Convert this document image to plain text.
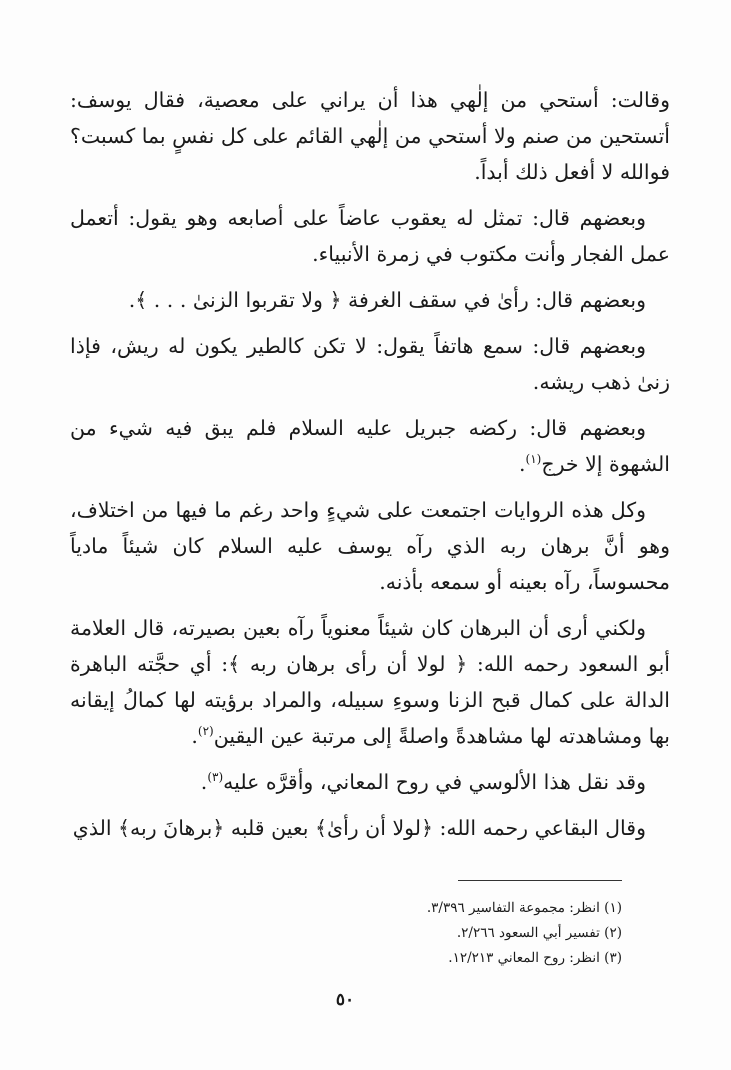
وقالت: أستحي من إلٰهي هذا أن يراني على معصية، فقال يوسف: أتستحين من صنم ولا أستحي من إلٰهي القائم على كل نفسٍ بما كسبت؟ فوالله لا أفعل ذلك أبداً.

وبعضهم قال: تمثل له يعقوب عاضاً على أصابعه وهو يقول: أتعمل عمل الفجار وأنت مكتوب في زمرة الأنبياء.

وبعضهم قال: رأىٰ في سقف الغرفة ﴿ ولا تقربوا الزنىٰ . . . ﴾.

وبعضهم قال: سمع هاتفاً يقول: لا تكن كالطير يكون له ريش، فإذا زنىٰ ذهب ريشه.

وبعضهم قال: ركضه جبريل عليه السلام فلم يبق فيه شيء من الشهوة إلا خرج$^{(١)}$.

وكل هذه الروايات اجتمعت على شيءٍ واحد رغم ما فيها من اختلاف، وهو أنَّ برهان ربه الذي رآه يوسف عليه السلام كان شيئاً مادياً محسوساً، رآه بعينه أو سمعه بأذنه.

ولكني أرى أن البرهان كان شيئاً معنوياً رآه بعين بصيرته، قال العلامة أبو السعود رحمه الله: ﴿ لولا أن رأى برهان ربه ﴾: أي حجَّته الباهرة الدالة على كمال قبح الزنا وسوءِ سبيله، والمراد برؤيته لها كمالُ إيقانه بها ومشاهدته لها مشاهدةً واصلةً إلى مرتبة عين اليقين$^{(٢)}$.

وقد نقل هذا الألوسي في روح المعاني، وأقرَّه عليه$^{(٣)}$.

وقال البقاعي رحمه الله: ﴿لولا أن رأىٰ﴾ بعين قلبه ﴿برهانَ ربه﴾ الذي

(١) انظر: مجموعة التفاسير ٣/٣٩٦.
(٢) تفسير أبي السعود ٢/٢٦٦.
(٣) انظر: روح المعاني ١٢/٢١٣.
٥٠
